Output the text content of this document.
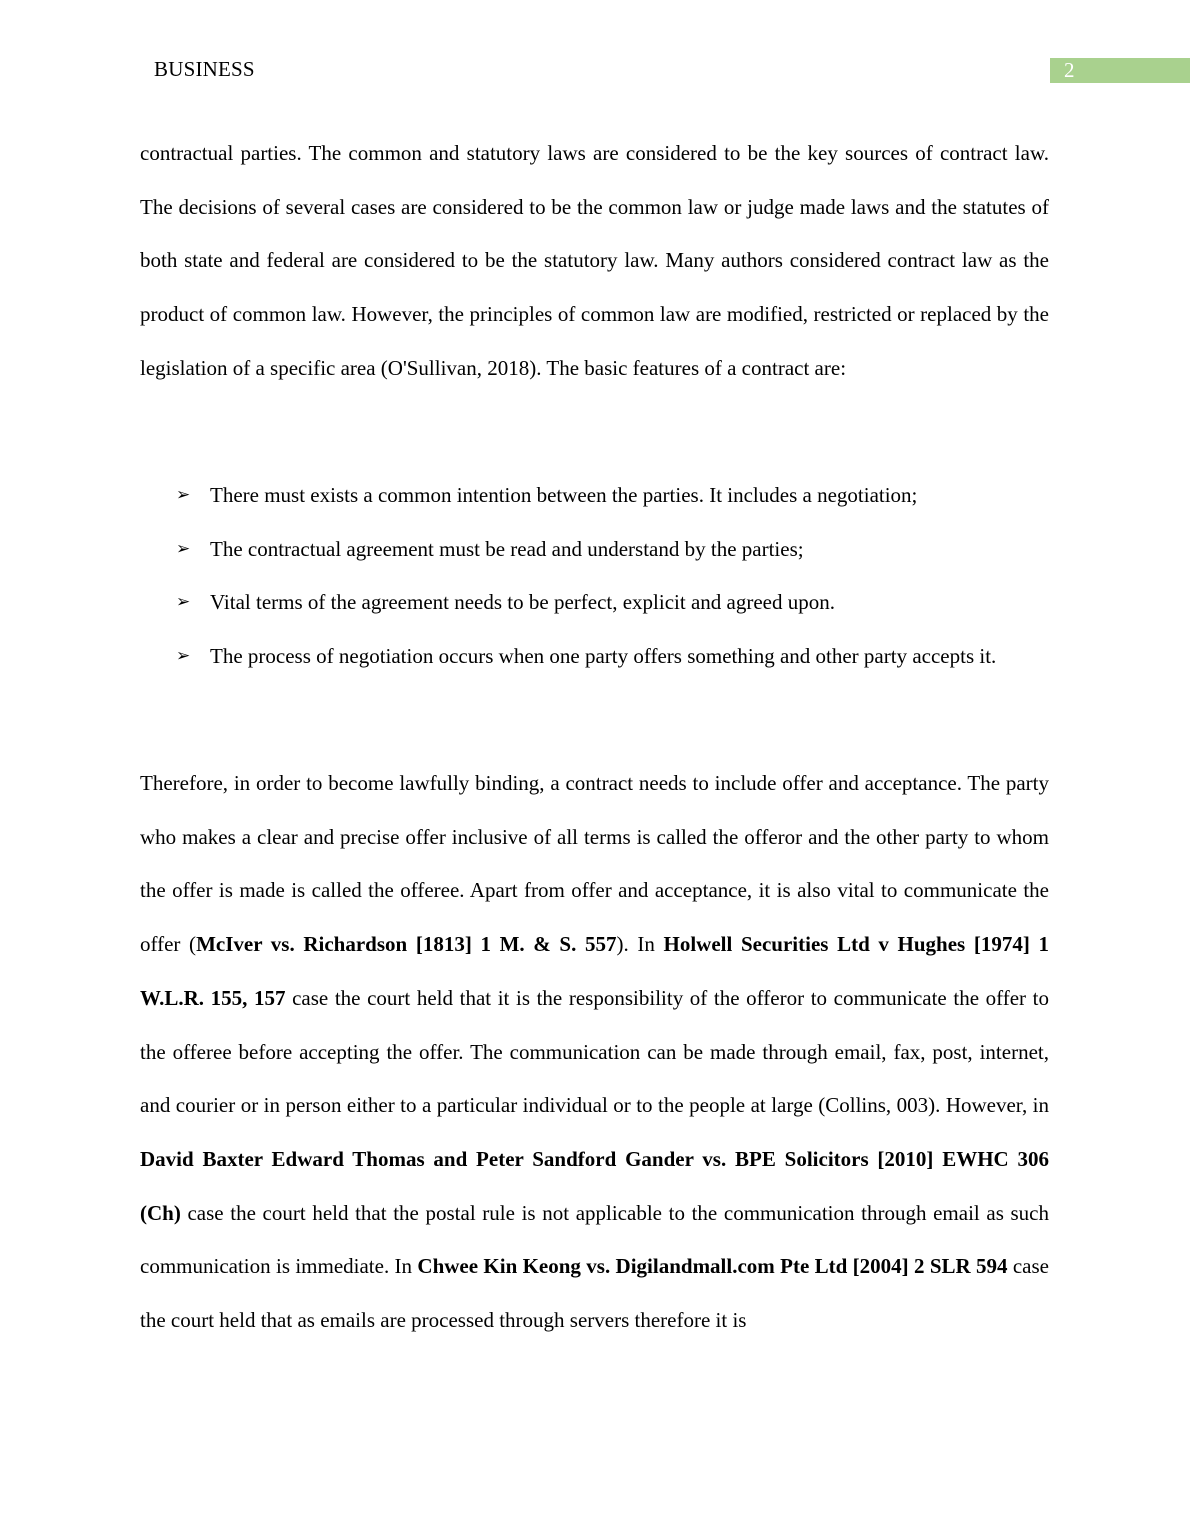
BUSINESS	2
contractual parties. The common and statutory laws are considered to be the key sources of contract law. The decisions of several cases are considered to be the common law or judge made laws and the statutes of both state and federal are considered to be the statutory law. Many authors considered contract law as the product of common law. However, the principles of common law are modified, restricted or replaced by the legislation of a specific area (O'Sullivan, 2018). The basic features of a contract are:
➢ There must exists a common intention between the parties. It includes a negotiation;
➢ The contractual agreement must be read and understand by the parties;
➢ Vital terms of the agreement needs to be perfect, explicit and agreed upon.
➢ The process of negotiation occurs when one party offers something and other party accepts it.
Therefore, in order to become lawfully binding, a contract needs to include offer and acceptance. The party who makes a clear and precise offer inclusive of all terms is called the offeror and the other party to whom the offer is made is called the offeree. Apart from offer and acceptance, it is also vital to communicate the offer (McIver vs. Richardson [1813] 1 M. & S. 557). In Holwell Securities Ltd v Hughes [1974] 1 W.L.R. 155, 157 case the court held that it is the responsibility of the offeror to communicate the offer to the offeree before accepting the offer. The communication can be made through email, fax, post, internet, and courier or in person either to a particular individual or to the people at large (Collins, 003). However, in David Baxter Edward Thomas and Peter Sandford Gander vs. BPE Solicitors [2010] EWHC 306 (Ch) case the court held that the postal rule is not applicable to the communication through email as such communication is immediate. In Chwee Kin Keong vs. Digilandmall.com Pte Ltd [2004] 2 SLR 594 case the court held that as emails are processed through servers therefore it is
